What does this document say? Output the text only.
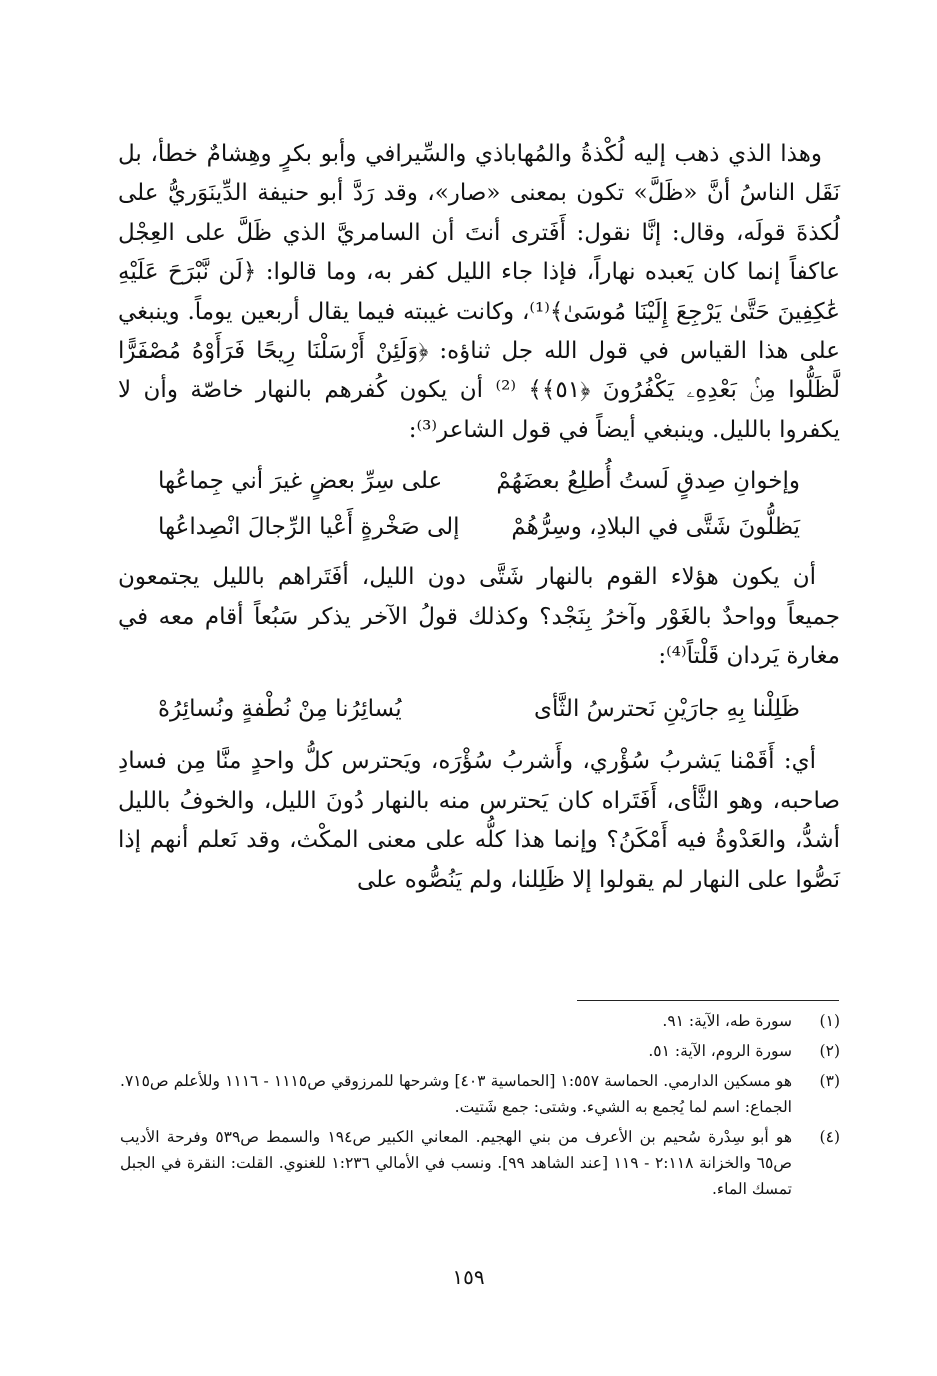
وهذا الذي ذهب إليه لُكْذةُ والمُهاباذي والسِّيرافي وأبو بكرٍ وهِشامٌ خطأ، بل نَقَل الناسُ أنَّ «ظَلَّ» تكون بمعنى «صار»، وقد رَدَّ أبو حنيفة الدِّينَوَريُّ على لُكذةَ قولَه، وقال: إنَّا نقول: أَفَترى أنتَ أن السامريَّ الذي ظَلَّ على العِجْل عاكفاً إنما كان يَعبده نهاراً، فإذا جاء الليل كفر به، وما قالوا: ﴿لَن نَّبْرَحَ عَلَيْهِ عَٰكِفِينَ حَتَّىٰ يَرْجِعَ إِلَيْنَا مُوسَىٰ﴾⁽¹⁾، وكانت غيبته فيما يقال أربعين يوماً. وينبغي على هذا القياس في قول الله جل ثناؤه: ﴿وَلَئِنْ أَرْسَلْنَا رِيحًا فَرَأَوْهُ مُصْفَرًّا لَّظَلُّوا مِنۢ بَعْدِهِۦ يَكْفُرُونَ ﴿٥١﴾﴾ ⁽²⁾ أن يكون كُفرهم بالنهار خاصّة وأن لا يكفروا بالليل. وينبغي أيضاً في قول الشاعر⁽³⁾:

وإخوانِ صِدقٍ لَستُ أُطلِعُ بعضَهُمْ
على سِرِّ بعضٍ غيرَ أني جِماعُها
يَظلُّونَ شَتَّى في البلادِ، وسِرُّهُمْ
إلى صَخْرةٍ أَعْيا الرِّجالَ انْصِداعُها

أن يكون هؤلاء القوم بالنهار شَتَّى دون الليل، أفَتَراهم بالليل يجتمعون جميعاً وواحدٌ بالغَوْر وآخرُ بِنَجْد؟ وكذلك قولُ الآخر يذكر سَبُعاً أقام معه في مغارة يَردان قَلْتاً⁽⁴⁾:

ظَلِلْنا بِهِ جارَيْنِ نَحترسُ الثَّأى
يُسائِرُنا مِنْ نُطْفةٍ ونُسائِرُهْ

أي: أَقَمْنا يَشربُ سُؤْري، وأَشربُ سُؤْرَه، ويَحترس كلُّ واحدٍ منَّا مِن فسادِ صاحبه، وهو الثَّأى، أَفَتَراه كان يَحترس منه بالنهار دُونَ الليل، والخوفُ بالليل أشدُّ، والعَدْوةُ فيه أَمْكَنُ؟ وإنما هذا كلُّه على معنى المكْث، وقد نَعلم أنهم إذا نَصُّوا على النهار لم يقولوا إلا ظَلِلنا، ولم يَنُصُّوه على

(١)
سورة طه، الآية: ٩١.
(٢)
سورة الروم، الآية: ٥١.
(٣)
هو مسكين الدارمي. الحماسة ١:٥٥٧ [الحماسية ٤٠٣] وشرحها للمرزوقي ص١١١٥ - ١١١٦ وللأعلم ص٧١٥. الجماع: اسم لما يُجمع به الشيء. وشتى: جمع شَتيت.
(٤)
هو أبو سِدْرة سُحيم بن الأعرف من بني الهجيم. المعاني الكبير ص١٩٤ والسمط ص٥٣٩ وفرحة الأديب ص٦٥ والخزانة ٢:١١٨ - ١١٩ [عند الشاهد ٩٩]. ونسب في الأمالي ١:٢٣٦ للغنوي. القلت: النقرة في الجبل تمسك الماء.
١٥٩
